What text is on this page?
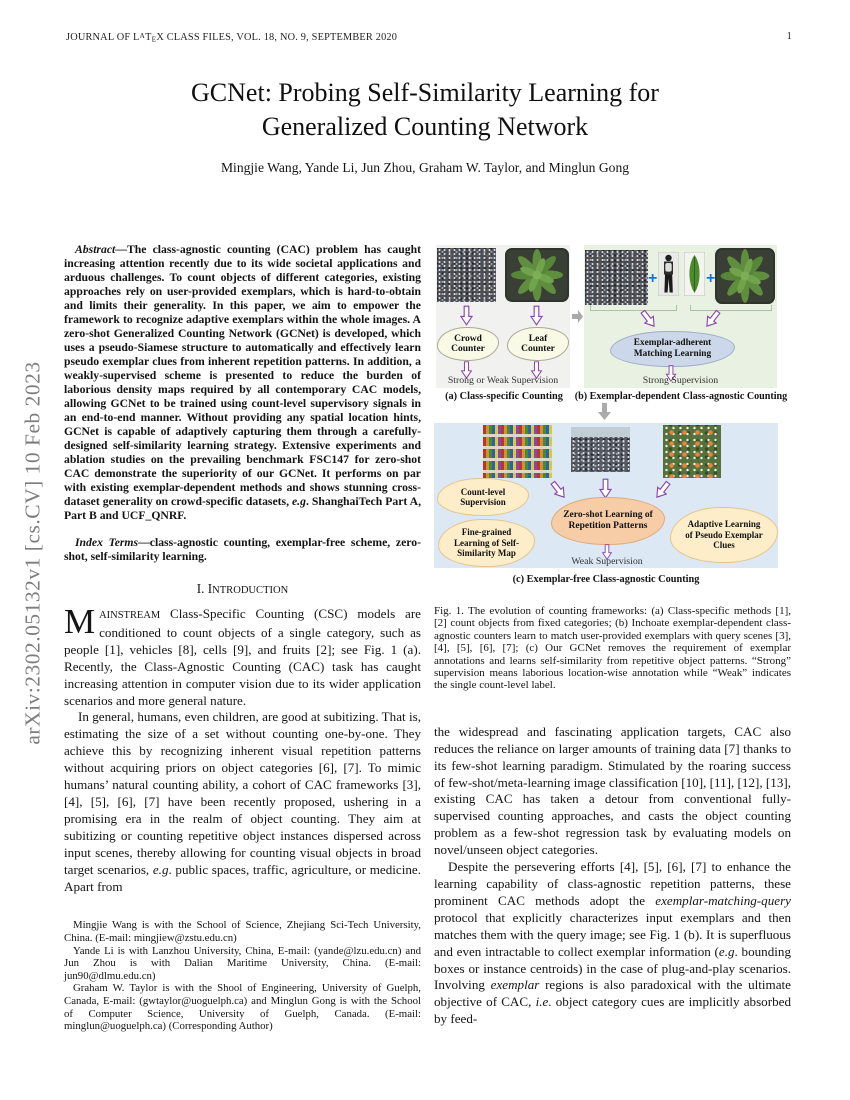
JOURNAL OF $L^ATEX$ CLASS FILES, VOL. 18, NO. 9, SEPTEMBER 2020	1
arXiv:2302.05132v1 [cs.CV] 10 Feb 2023
GCNet: Probing Self-Similarity Learning for
Generalized Counting Network
Mingjie Wang, Yande Li, Jun Zhou, Graham W. Taylor, and Minglun Gong

Abstract—The class-agnostic counting (CAC) problem has caught increasing attention recently due to its wide societal applications and arduous challenges. To count objects of different categories, existing approaches rely on user-provided exemplars, which is hard-to-obtain and limits their generality. In this paper, we aim to empower the framework to recognize adaptive exemplars within the whole images. A zero-shot Generalized Counting Network (GCNet) is developed, which uses a pseudo-Siamese structure to automatically and effectively learn pseudo exemplar clues from inherent repetition patterns. In addition, a weakly-supervised scheme is presented to reduce the burden of laborious density maps required by all contemporary CAC models, allowing GCNet to be trained using count-level supervisory signals in an end-to-end manner. Without providing any spatial location hints, GCNet is capable of adaptively capturing them through a carefully-designed self-similarity learning strategy. Extensive experiments and ablation studies on the prevailing benchmark FSC147 for zero-shot CAC demonstrate the superiority of our GCNet. It performs on par with existing exemplar-dependent methods and shows stunning cross-dataset generality on crowd-specific datasets, e.g. ShanghaiTech Part A, Part B and UCF_QNRF.

Index Terms—class-agnostic counting, exemplar-free scheme, zero-shot, self-similarity learning.

I. INTRODUCTION

MAINSTREAM Class-Specific Counting (CSC) models are conditioned to count objects of a single category, such as people [1], vehicles [8], cells [9], and fruits [2]; see Fig. 1 (a). Recently, the Class-Agnostic Counting (CAC) task has caught increasing attention in computer vision due to its wider application scenarios and more general nature.

In general, humans, even children, are good at subitizing. That is, estimating the size of a set without counting one-by-one. They achieve this by recognizing inherent visual repetition patterns without acquiring priors on object categories [6], [7]. To mimic humans’ natural counting ability, a cohort of CAC frameworks [3], [4], [5], [6], [7] have been recently proposed, ushering in a promising era in the realm of object counting. They aim at subitizing or counting repetitive object instances dispersed across input scenes, thereby allowing for counting visual objects in broad target scenarios, e.g. public spaces, traffic, agriculture, or medicine. Apart from

Mingjie Wang is with the School of Science, Zhejiang Sci-Tech University, China. (E-mail: mingjiew@zstu.edu.cn)

Yande Li is with Lanzhou University, China, E-mail: (yande@lzu.edu.cn) and Jun Zhou is with Dalian Maritime University, China. (E-mail: jun90@dlmu.edu.cn)

Graham W. Taylor is with the Shool of Engineering, University of Guelph, Canada, E-mail: (gwtaylor@uoguelph.ca) and Minglun Gong is with the School of Computer Science, University of Guelph, Canada. (E-mail: minglun@uoguelph.ca) (Corresponding Author)

Crowd
Counter
Leaf
Counter
Strong or Weak Supervision
(a) Class-specific Counting
+	+
Exemplar-adherent
Matching Learning
Strong Supervision
(b) Exemplar-dependent Class-agnostic Counting
Count-level
Supervision
Fine-grained
Learning of Self-
Similarity Map
Zero-shot Learning of
Repetition Patterns	Adaptive Learning
of Pseudo Exemplar
Clues
Weak Supervision
(c) Exemplar-free Class-agnostic Counting

Fig. 1. The evolution of counting frameworks: (a) Class-specific methods [1], [2] count objects from fixed categories; (b) Inchoate exemplar-dependent class-agnostic counters learn to match user-provided exemplars with query scenes [3], [4], [5], [6], [7]; (c) Our GCNet removes the requirement of exemplar annotations and learns self-similarity from repetitive object patterns. “Strong” supervision means laborious location-wise annotation while “Weak” indicates the single count-level label.

the widespread and fascinating application targets, CAC also reduces the reliance on larger amounts of training data [7] thanks to its few-shot learning paradigm. Stimulated by the roaring success of few-shot/meta-learning image classification [10], [11], [12], [13], existing CAC has taken a detour from conventional fully-supervised counting approaches, and casts the object counting problem as a few-shot regression task by evaluating models on novel/unseen object categories.

Despite the persevering efforts [4], [5], [6], [7] to enhance the learning capability of class-agnostic repetition patterns, these prominent CAC methods adopt the exemplar-matching-query protocol that explicitly characterizes input exemplars and then matches them with the query image; see Fig. 1 (b). It is superfluous and even intractable to collect exemplar information (e.g. bounding boxes or instance centroids) in the case of plug-and-play scenarios. Involving exemplar regions is also paradoxical with the ultimate objective of CAC, i.e. object category cues are implicitly absorbed by feed-
